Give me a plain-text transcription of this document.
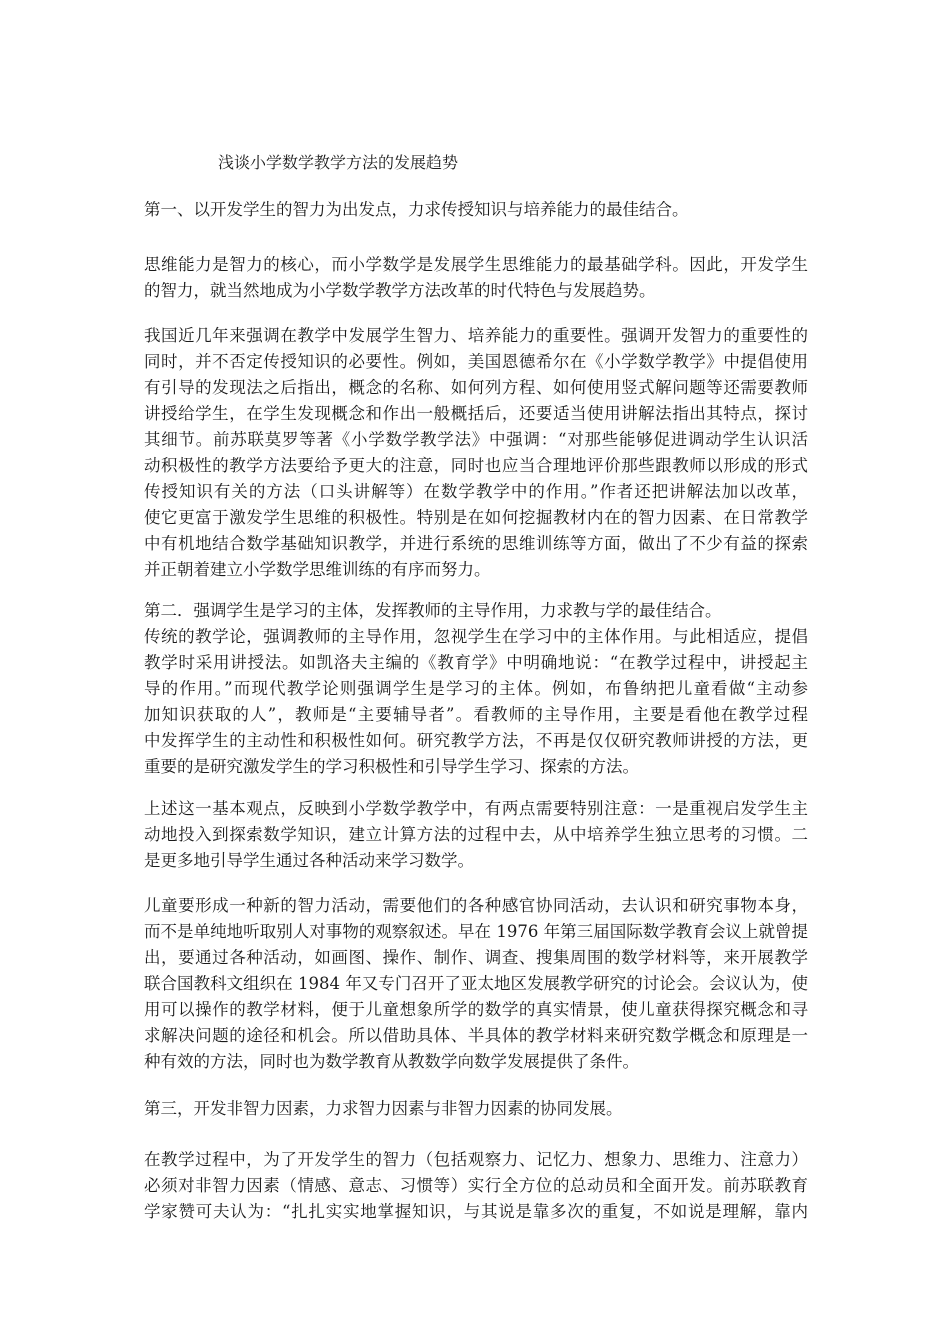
浅谈小学数学教学方法的发展趋势
第一、以开发学生的智力为出发点，力求传授知识与培养能力的最佳结合。
思维能力是智力的核心，而小学数学是发展学生思维能力的最基础学科。因此，开发学生
的智力，就当然地成为小学数学教学方法改革的时代特色与发展趋势。
我国近几年来强调在教学中发展学生智力、培养能力的重要性。强调开发智力的重要性的
同时，并不否定传授知识的必要性。例如，美国恩德希尔在《小学数学教学》中提倡使用
有引导的发现法之后指出，概念的名称、如何列方程、如何使用竖式解问题等还需要教师
讲授给学生，在学生发现概念和作出一般概括后，还要适当使用讲解法指出其特点，探讨
其细节。前苏联莫罗等著《小学数学教学法》中强调：“对那些能够促进调动学生认识活
动积极性的教学方法要给予更大的注意，同时也应当合理地评价那些跟教师以形成的形式
传授知识有关的方法（口头讲解等）在数学教学中的作用。”作者还把讲解法加以改革，
使它更富于激发学生思维的积极性。特别是在如何挖掘教材内在的智力因素、在日常教学
中有机地结合数学基础知识教学，并进行系统的思维训练等方面，做出了不少有益的探索
并正朝着建立小学数学思维训练的有序而努力。
第二．强调学生是学习的主体，发挥教师的主导作用，力求教与学的最佳结合。
传统的教学论，强调教师的主导作用，忽视学生在学习中的主体作用。与此相适应，提倡
教学时采用讲授法。如凯洛夫主编的《教育学》中明确地说：“在教学过程中，讲授起主
导的作用。”而现代教学论则强调学生是学习的主体。例如，布鲁纳把儿童看做“主动参
加知识获取的人”，教师是“主要辅导者”。看教师的主导作用，主要是看他在教学过程
中发挥学生的主动性和积极性如何。研究教学方法，不再是仅仅研究教师讲授的方法，更
重要的是研究激发学生的学习积极性和引导学生学习、探索的方法。
上述这一基本观点，反映到小学数学教学中，有两点需要特别注意：一是重视启发学生主
动地投入到探索数学知识，建立计算方法的过程中去，从中培养学生独立思考的习惯。二
是更多地引导学生通过各种活动来学习数学。
儿童要形成一种新的智力活动，需要他们的各种感官协同活动，去认识和研究事物本身，
而不是单纯地听取别人对事物的观察叙述。早在 1976 年第三届国际数学教育会议上就曾提
出，要通过各种活动，如画图、操作、制作、调查、搜集周围的数学材料等，来开展教学
联合国教科文组织在 1984 年又专门召开了亚太地区发展教学研究的讨论会。会议认为，使
用可以操作的教学材料，便于儿童想象所学的数学的真实情景，使儿童获得探究概念和寻
求解决问题的途径和机会。所以借助具体、半具体的教学材料来研究数学概念和原理是一
种有效的方法，同时也为数学教育从教数学向数学发展提供了条件。
第三，开发非智力因素，力求智力因素与非智力因素的协同发展。
在教学过程中，为了开发学生的智力（包括观察力、记忆力、想象力、思维力、注意力）
必须对非智力因素（情感、意志、习惯等）实行全方位的总动员和全面开发。前苏联教育
学家赞可夫认为：“扎扎实实地掌握知识，与其说是靠多次的重复，不如说是理解，靠内
